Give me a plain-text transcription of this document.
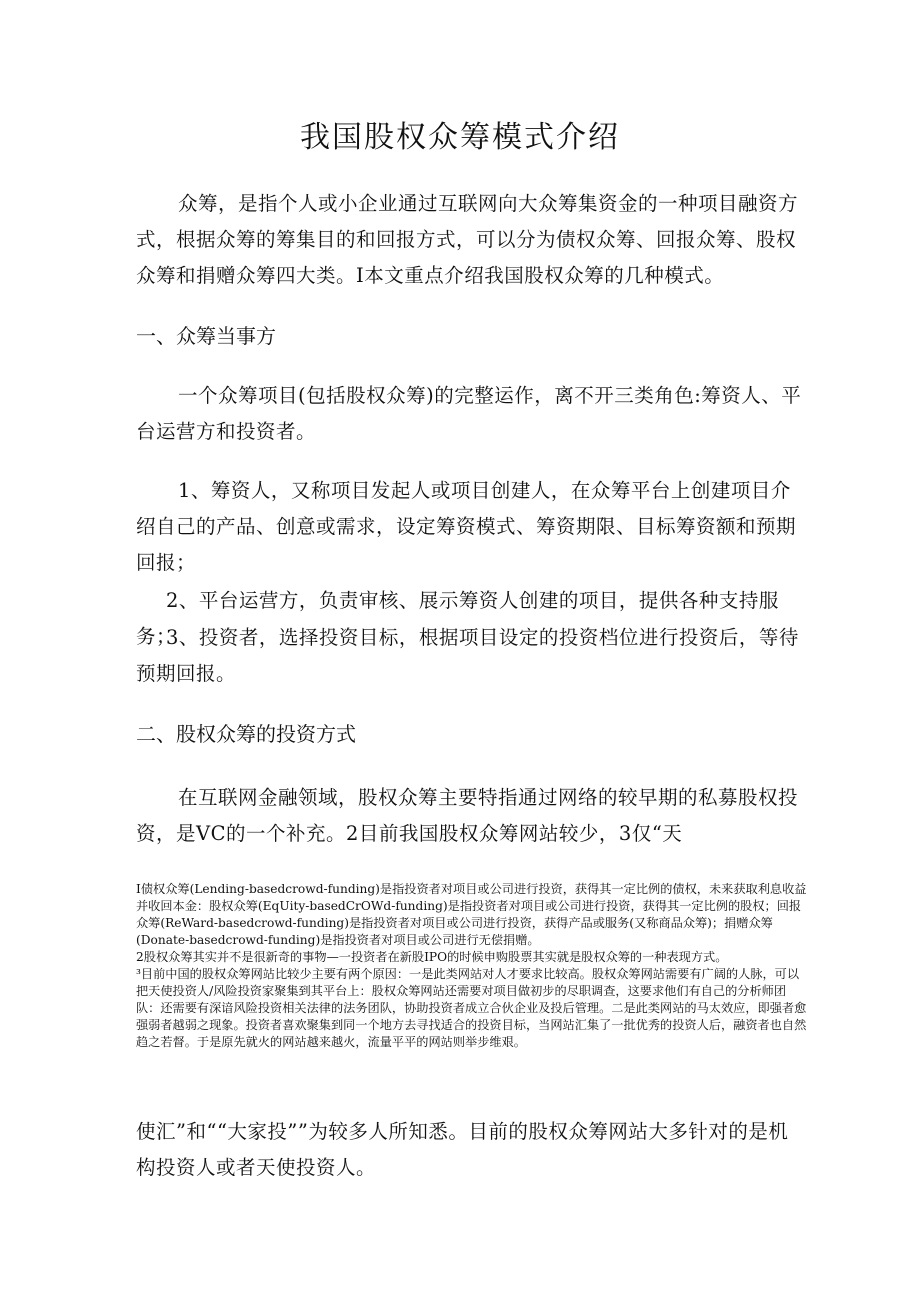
我国股权众筹模式介绍

众筹，是指个人或小企业通过互联网向大众筹集资金的一种项目融资方式，根据众筹的筹集目的和回报方式，可以分为债权众筹、回报众筹、股权众筹和捐赠众筹四大类。I本文重点介绍我国股权众筹的几种模式。

一、众筹当事方

一个众筹项目(包括股权众筹)的完整运作，离不开三类角色:筹资人、平台运营方和投资者。

1、筹资人，又称项目发起人或项目创建人，在众筹平台上创建项目介绍自己的产品、创意或需求，设定筹资模式、筹资期限、目标筹资额和预期回报；

2、平台运营方，负责审核、展示筹资人创建的项目，提供各种支持服务；

3、投资者，选择投资目标，根据项目设定的投资档位进行投资后，等待预期回报。

二、股权众筹的投资方式

在互联网金融领域，股权众筹主要特指通过网络的较早期的私募股权投资，是VC的一个补充。2目前我国股权众筹网站较少，3仅“天

I债权众筹(Lending-basedcrowd-funding)是指投资者对项目或公司进行投资，获得其一定比例的债权，未来获取利息收益并收回本金：股权众筹(EqUity-basedCrOWd-funding)是指投资者对项目或公司进行投资，获得其一定比例的股权；回报众筹(ReWard-basedcrowd-funding)是指投资者对项目或公司进行投资，获得产品或服务(又称商品众筹)；捐赠众筹(Donate-basedcrowd-funding)是指投资者对项目或公司进行无偿捐赠。

2股权众筹其实并不是很新奇的事物—一投资者在新股IPO的时候申购股票其实就是股权众筹的一种表现方式。

³目前中国的股权众筹网站比较少主要有两个原因：一是此类网站对人才要求比较高。股权众筹网站需要有广阔的人脉，可以把天使投资人/风险投资家聚集到其平台上：股权众筹网站还需要对项目做初步的尽职调查，这要求他们有自己的分析师团队：还需要有深谙风险投资相关法律的法务团队，协助投资者成立合伙企业及投后管理。二是此类网站的马太效应，即强者愈强弱者越弱之现象。投资者喜欢聚集到同一个地方去寻找适合的投资目标，当网站汇集了一批优秀的投资人后，融资者也自然趋之若督。于是原先就火的网站越来越火，流量平平的网站则举步维艰。

使汇”和““大家投””为较多人所知悉。目前的股权众筹网站大多针对的是机构投资人或者天使投资人。
